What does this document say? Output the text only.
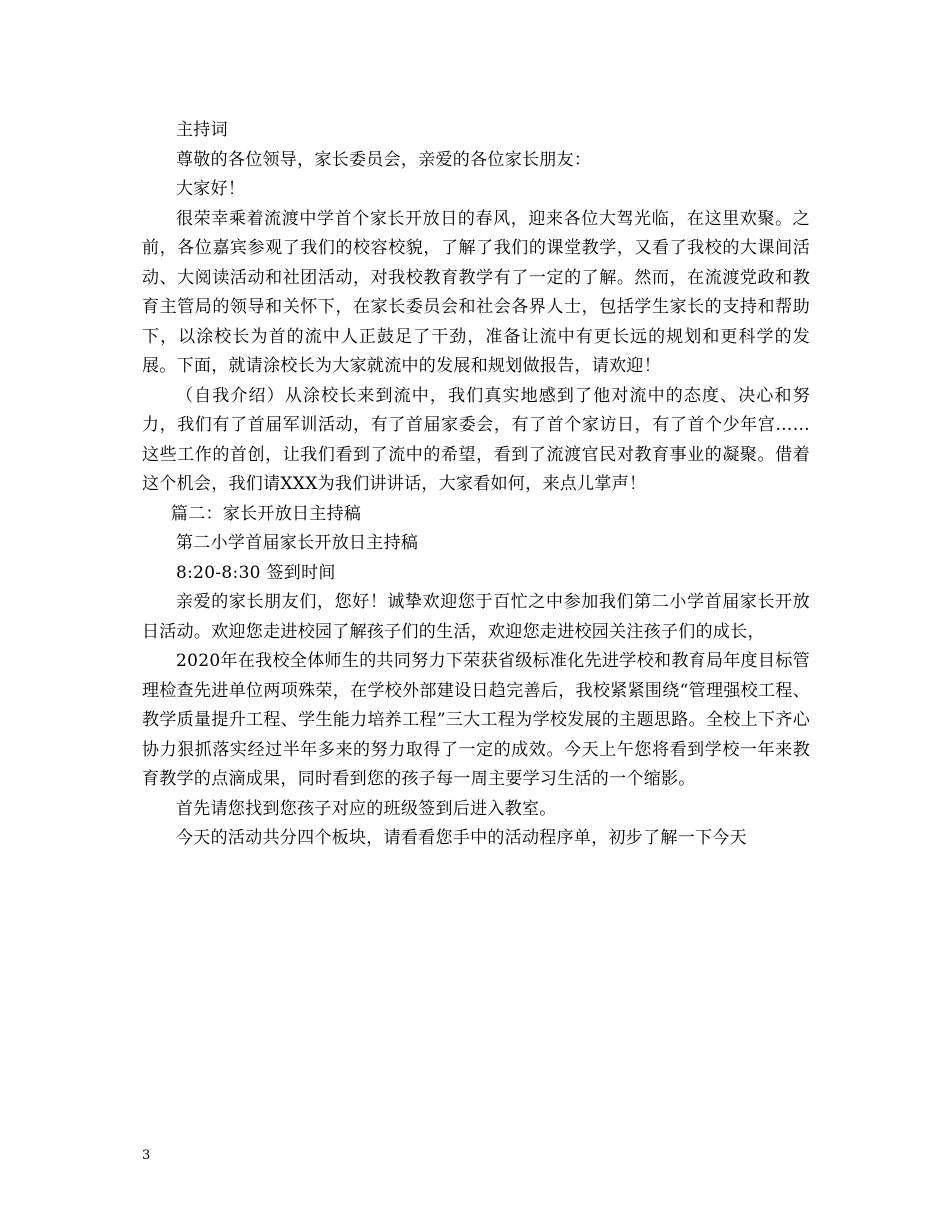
主持词

尊敬的各位领导，家长委员会，亲爱的各位家长朋友：

大家好！

很荣幸乘着流渡中学首个家长开放日的春风，迎来各位大驾光临，在这里欢聚。之前，各位嘉宾参观了我们的校容校貌，了解了我们的课堂教学，又看了我校的大课间活动、大阅读活动和社团活动，对我校教育教学有了一定的了解。然而，在流渡党政和教育主管局的领导和关怀下，在家长委员会和社会各界人士，包括学生家长的支持和帮助下，以涂校长为首的流中人正鼓足了干劲，准备让流中有更长远的规划和更科学的发展。下面，就请涂校长为大家就流中的发展和规划做报告，请欢迎！

（自我介绍）从涂校长来到流中，我们真实地感到了他对流中的态度、决心和努力，我们有了首届军训活动，有了首届家委会，有了首个家访日，有了首个少年宫……这些工作的首创，让我们看到了流中的希望，看到了流渡官民对教育事业的凝聚。借着这个机会，我们请XXX为我们讲讲话，大家看如何，来点儿掌声！

篇二：家长开放日主持稿

第二小学首届家长开放日主持稿

8:20-8:30 签到时间

亲爱的家长朋友们，您好！诚挚欢迎您于百忙之中参加我们第二小学首届家长开放日活动。欢迎您走进校园了解孩子们的生活，欢迎您走进校园关注孩子们的成长，

2020年在我校全体师生的共同努力下荣获省级标准化先进学校和教育局年度目标管理检查先进单位两项殊荣，在学校外部建设日趋完善后，我校紧紧围绕“管理强校工程、教学质量提升工程、学生能力培养工程”三大工程为学校发展的主题思路。全校上下齐心协力狠抓落实经过半年多来的努力取得了一定的成效。今天上午您将看到学校一年来教育教学的点滴成果，同时看到您的孩子每一周主要学习生活的一个缩影。

首先请您找到您孩子对应的班级签到后进入教室。

今天的活动共分四个板块，请看看您手中的活动程序单，初步了解一下今天

3
